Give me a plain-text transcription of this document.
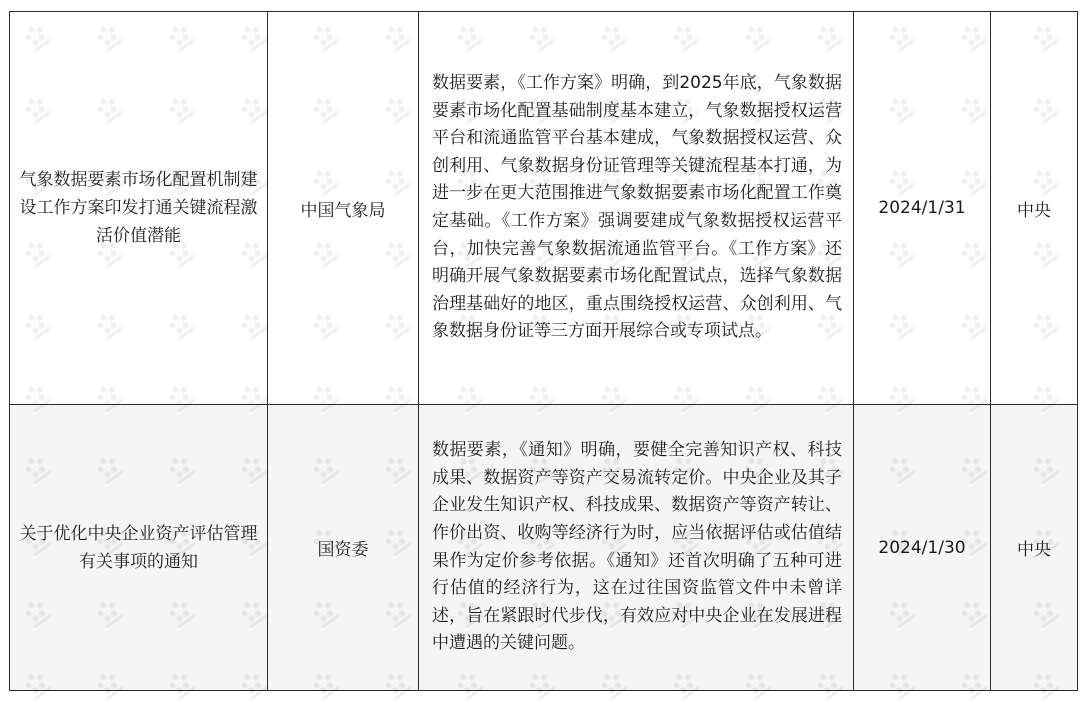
气象数据要素市场化配置机制建设工作方案印发打通关键流程激活价值潜能	中国气象局	数据要素，《工作方案》明确，到2025年底，气象数据要素市场化配置基础制度基本建立，气象数据授权运营平台和流通监管平台基本建成，气象数据授权运营、众创利用、气象数据身份证管理等关键流程基本打通，为进一步在更大范围推进气象数据要素市场化配置工作奠定基础。《工作方案》强调要建成气象数据授权运营平台，加快完善气象数据流通监管平台。《工作方案》还明确开展气象数据要素市场化配置试点，选择气象数据治理基础好的地区，重点围绕授权运营、众创利用、气象数据身份证等三方面开展综合或专项试点。	2024/1/31	中央
关于优化中央企业资产评估管理有关事项的通知	国资委	数据要素，《通知》明确，要健全完善知识产权、科技成果、数据资产等资产交易流转定价。中央企业及其子企业发生知识产权、科技成果、数据资产等资产转让、作价出资、收购等经济行为时，应当依据评估或估值结果作为定价参考依据。《通知》还首次明确了五种可进行估值的经济行为，这在过往国资监管文件中未曾详述，旨在紧跟时代步伐，有效应对中央企业在发展进程中遭遇的关键问题。	2024/1/30	中央
